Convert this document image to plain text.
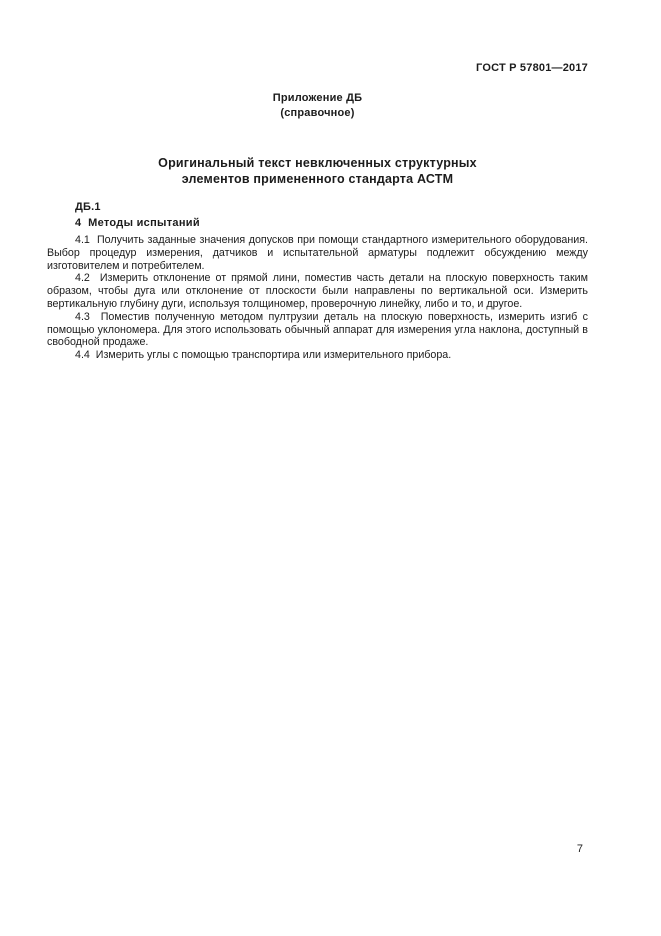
ГОСТ Р 57801—2017
Приложение ДБ
(справочное)
Оригинальный текст невключенных структурных
элементов примененного стандарта АСТМ
ДБ.1
4  Методы испытаний

4.1  Получить заданные значения допусков при помощи стандартного измерительного оборудования. Выбор процедур измерения, датчиков и испытательной арматуры подлежит обсуждению между изготовителем и потребителем.

4.2  Измерить отклонение от прямой лини, поместив часть детали на плоскую поверхность таким образом, чтобы дуга или отклонение от плоскости были направлены по вертикальной оси. Измерить вертикальную глубину дуги, используя толщиномер, проверочную линейку, либо и то, и другое.

4.3  Поместив полученную методом пултрузии деталь на плоскую поверхность, измерить изгиб с помощью уклономера. Для этого использовать обычный аппарат для измерения угла наклона, доступный в свободной продаже.

4.4  Измерить углы с помощью транспортира или измерительного прибора.

7
